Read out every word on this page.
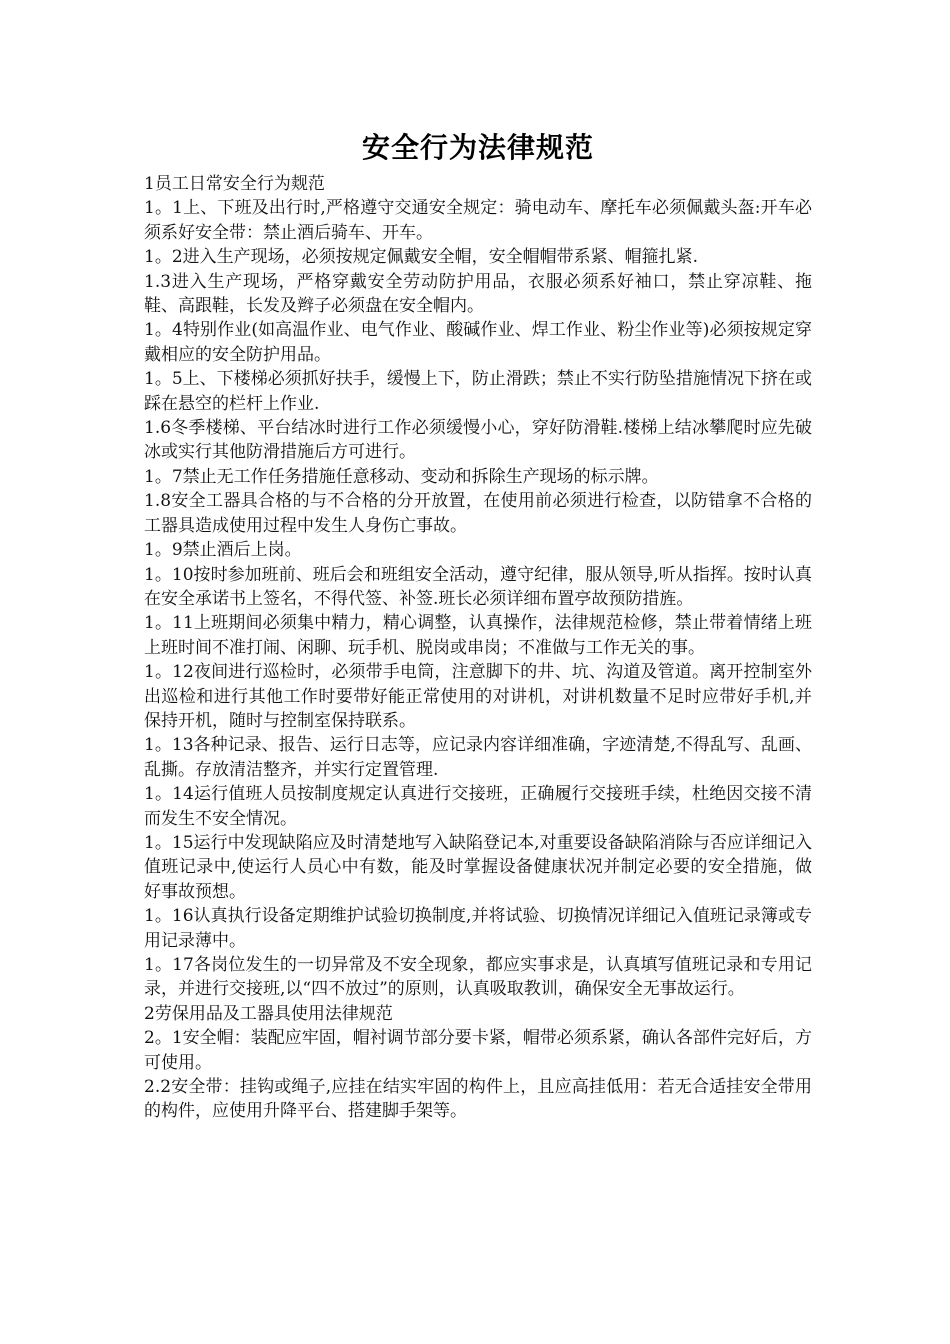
安全行为法律规范

1员工日常安全行为觌范

1。1上、下班及出行时,严格遵守交通安全规定：骑电动车、摩托车必须佩戴头盔:开车必须系好安全带：禁止酒后骑车、开车。

1。2进入生产现场，必须按规定佩戴安全帽，安全帽帽带系紧、帽箍扎紧.

1.3进入生产现场，严格穿戴安全劳动防护用品，衣服必须系好袖口，禁止穿凉鞋、拖鞋、高跟鞋，长发及辫子必须盘在安全帽内。

1。4特别作业(如高温作业、电气作业、酸碱作业、焊工作业、粉尘作业等)必须按规定穿戴相应的安全防护用品。

1。5上、下楼梯必须抓好扶手，缓慢上下，防止滑跌；禁止不实行防坠措施情况下挤在或踩在悬空的栏杆上作业.

1.6冬季楼梯、平台结冰时进行工作必须缓慢小心，穿好防滑鞋.楼梯上结冰攀爬时应先破冰或实行其他防滑措施后方可进行。

1。7禁止无工作任务措施任意移动、变动和拆除生产现场的标示牌。

1.8安全工器具合格的与不合格的分开放置，在使用前必须进行检查，以防错拿不合格的工器具造成使用过程中发生人身伤亡事故。

1。9禁止酒后上岗。

1。10按时参加班前、班后会和班组安全活动，遵守纪律，服从领导,听从指挥。按时认真在安全承诺书上签名，不得代签、补签.班长必须详细布置亭故预防措旌。

1。11上班期间必须集中精力，精心调整，认真操作，法律规范检修，禁止带着情绪上班上班时间不准打闹、闲聊、玩手机、脱岗或串岗；不准做与工作无关的事。

1。12夜间进行巡检时，必须带手电筒，注意脚下的井、坑、沟道及管道。离开控制室外出巡检和进行其他工作时要带好能正常使用的对讲机，对讲机数量不足时应带好手机,并保持开机，随时与控制室保持联系。

1。13各种记录、报告、运行日志等，应记录内容详细准确，字迹清楚,不得乱写、乱画、乱撕。存放清洁整齐，并实行定置管理.

1。14运行值班人员按制度规定认真进行交接班，正确履行交接班手续，杜绝因交接不清而发生不安全情况。

1。15运行中发现缺陷应及时清楚地写入缺陷登记本,对重要设备缺陷消除与否应详细记入值班记录中,使运行人员心中有数，能及时掌握设备健康状况并制定必要的安全措施，做好事故预想。

1。16认真执行设备定期维护试验切换制度,并将试验、切换情况详细记入值班记录簿或专用记录薄中。

1。17各岗位发生的一切异常及不安全现象，都应实事求是，认真填写值班记录和专用记录，并进行交接班,以“四不放过”的原则，认真吸取教训，确保安全无事故运行。

2劳保用品及工器具使用法律规范

2。1安全帽：装配应牢固，帽衬调节部分要卡紧，帽带必须系紧，确认各部件完好后，方可使用。

2.2安全带：挂钩或绳子,应挂在结实牢固的构件上，且应高挂低用：若无合适挂安全带用的构件，应使用升降平台、搭建脚手架等。
